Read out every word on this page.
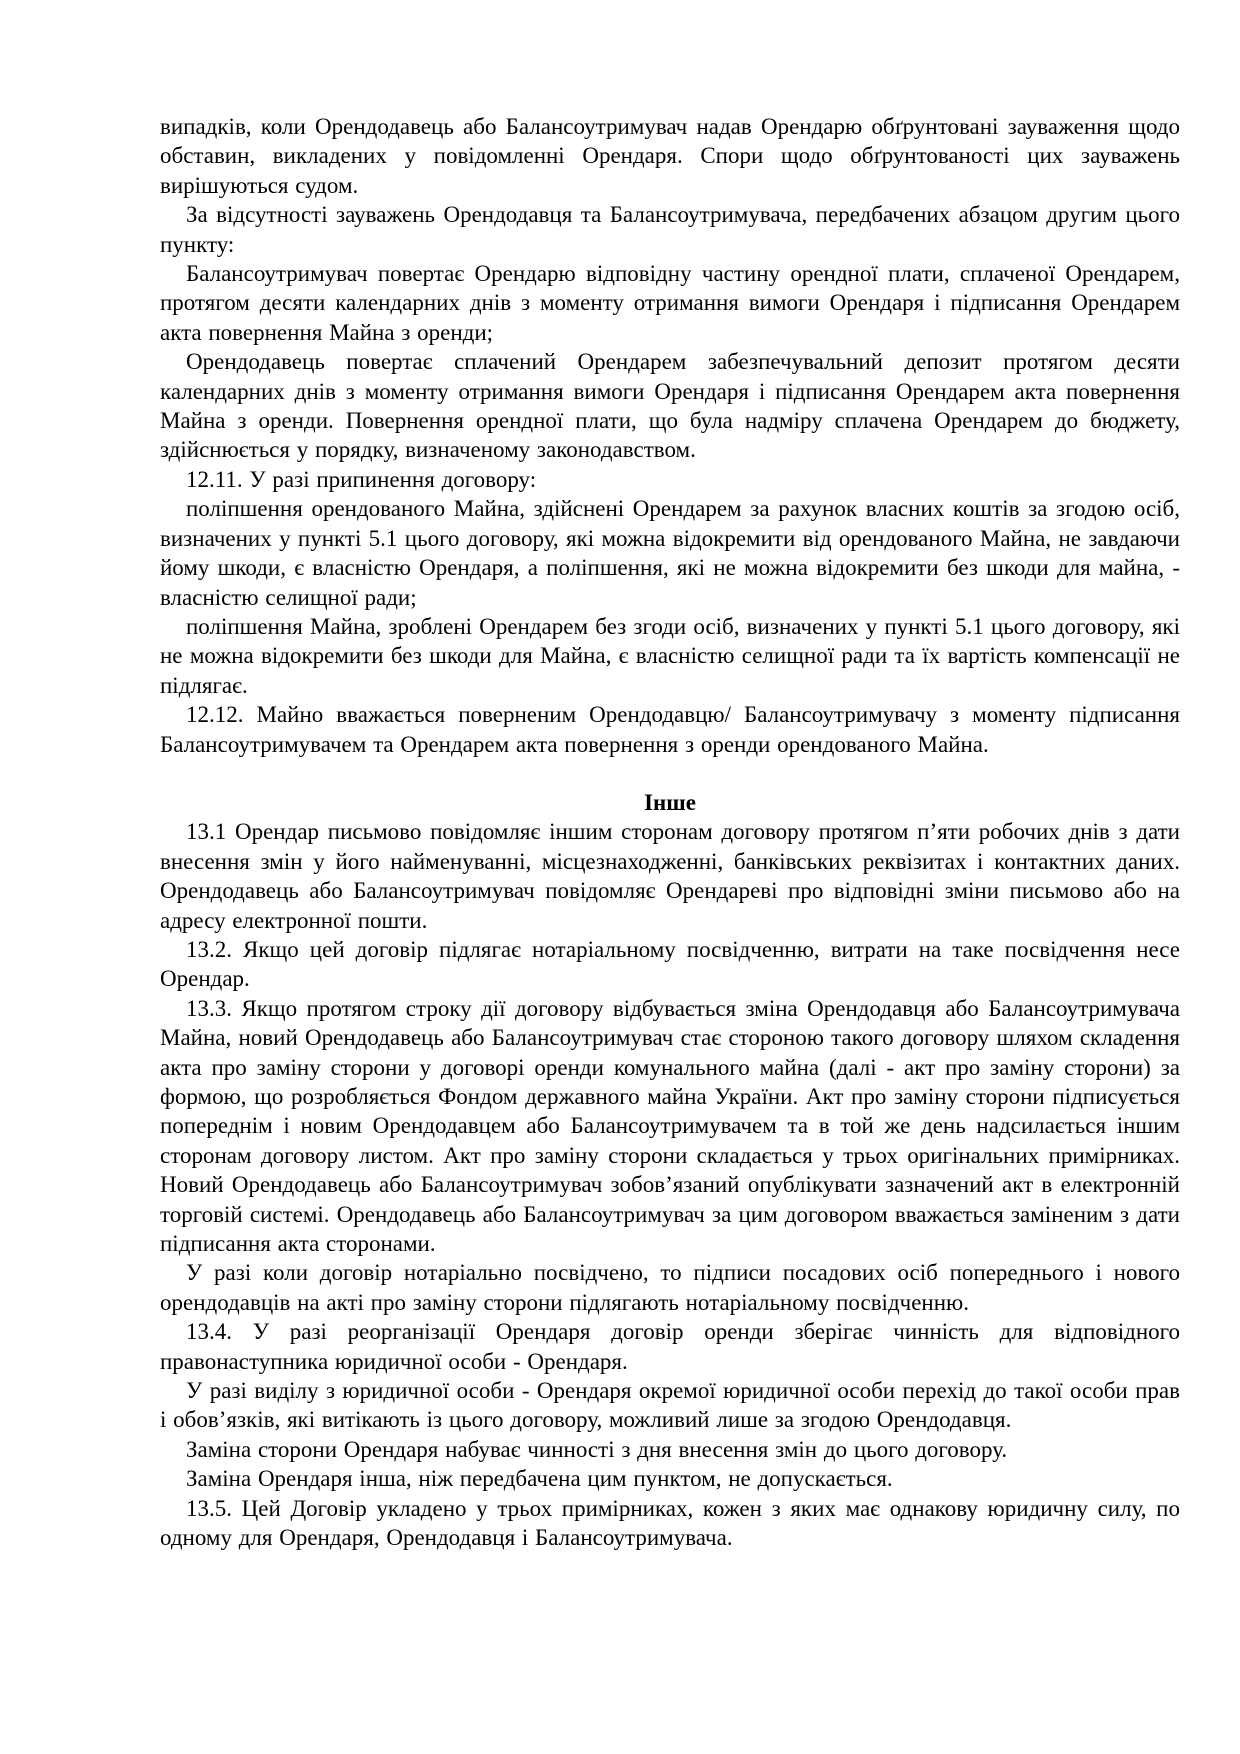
випадків, коли Орендодавець або Балансоутримувач надав Орендарю обґрунтовані зауваження щодо обставин, викладених у повідомленні Орендаря. Спори щодо обґрунтованості цих зауважень вирішуються судом.

За відсутності зауважень Орендодавця та Балансоутримувача, передбачених абзацом другим цього пункту:

Балансоутримувач повертає Орендарю відповідну частину орендної плати, сплаченої Орендарем, протягом десяти календарних днів з моменту отримання вимоги Орендаря і підписання Орендарем акта повернення Майна з оренди;

Орендодавець повертає сплачений Орендарем забезпечувальний депозит протягом десяти календарних днів з моменту отримання вимоги Орендаря і підписання Орендарем акта повернення Майна з оренди. Повернення орендної плати, що була надміру сплачена Орендарем до бюджету, здійснюється у порядку, визначеному законодавством.

12.11. У разі припинення договору:

поліпшення орендованого Майна, здійснені Орендарем за рахунок власних коштів за згодою осіб, визначених у пункті 5.1 цього договору, які можна відокремити від орендованого Майна, не завдаючи йому шкоди, є власністю Орендаря, а поліпшення, які не можна відокремити без шкоди для майна, - власністю селищної ради;

поліпшення Майна, зроблені Орендарем без згоди осіб, визначених у пункті 5.1 цього договору, які не можна відокремити без шкоди для Майна, є власністю селищної ради та їх вартість компенсації не підлягає.

12.12. Майно вважається поверненим Орендодавцю/ Балансоутримувачу з моменту підписання Балансоутримувачем та Орендарем акта повернення з оренди орендованого Майна.

Інше

13.1 Орендар письмово повідомляє іншим сторонам договору протягом п’яти робочих днів з дати внесення змін у його найменуванні, місцезнаходженні, банківських реквізитах і контактних даних. Орендодавець або Балансоутримувач повідомляє Орендареві про відповідні зміни письмово або на адресу електронної пошти.

13.2. Якщо цей договір підлягає нотаріальному посвідченню, витрати на таке посвідчення несе Орендар.

13.3. Якщо протягом строку дії договору відбувається зміна Орендодавця або Балансоутримувача Майна, новий Орендодавець або Балансоутримувач стає стороною такого договору шляхом складення акта про заміну сторони у договорі оренди комунального майна (далі - акт про заміну сторони) за формою, що розробляється Фондом державного майна України. Акт про заміну сторони підписується попереднім і новим Орендодавцем або Балансоутримувачем та в той же день надсилається іншим сторонам договору листом. Акт про заміну сторони складається у трьох оригінальних примірниках. Новий Орендодавець або Балансоутримувач зобов’язаний опублікувати зазначений акт в електронній торговій системі. Орендодавець або Балансоутримувач за цим договором вважається заміненим з дати підписання акта сторонами.

У разі коли договір нотаріально посвідчено, то підписи посадових осіб попереднього і нового орендодавців на акті про заміну сторони підлягають нотаріальному посвідченню.

13.4. У разі реорганізації Орендаря договір оренди зберігає чинність для відповідного правонаступника юридичної особи - Орендаря.

У разі виділу з юридичної особи - Орендаря окремої юридичної особи перехід до такої особи прав і обов’язків, які витікають із цього договору, можливий лише за згодою Орендодавця.

Заміна сторони Орендаря набуває чинності з дня внесення змін до цього договору.

Заміна Орендаря інша, ніж передбачена цим пунктом, не допускається.

13.5. Цей Договір укладено у трьох примірниках, кожен з яких має однакову юридичну силу, по одному для Орендаря, Орендодавця і Балансоутримувача.
